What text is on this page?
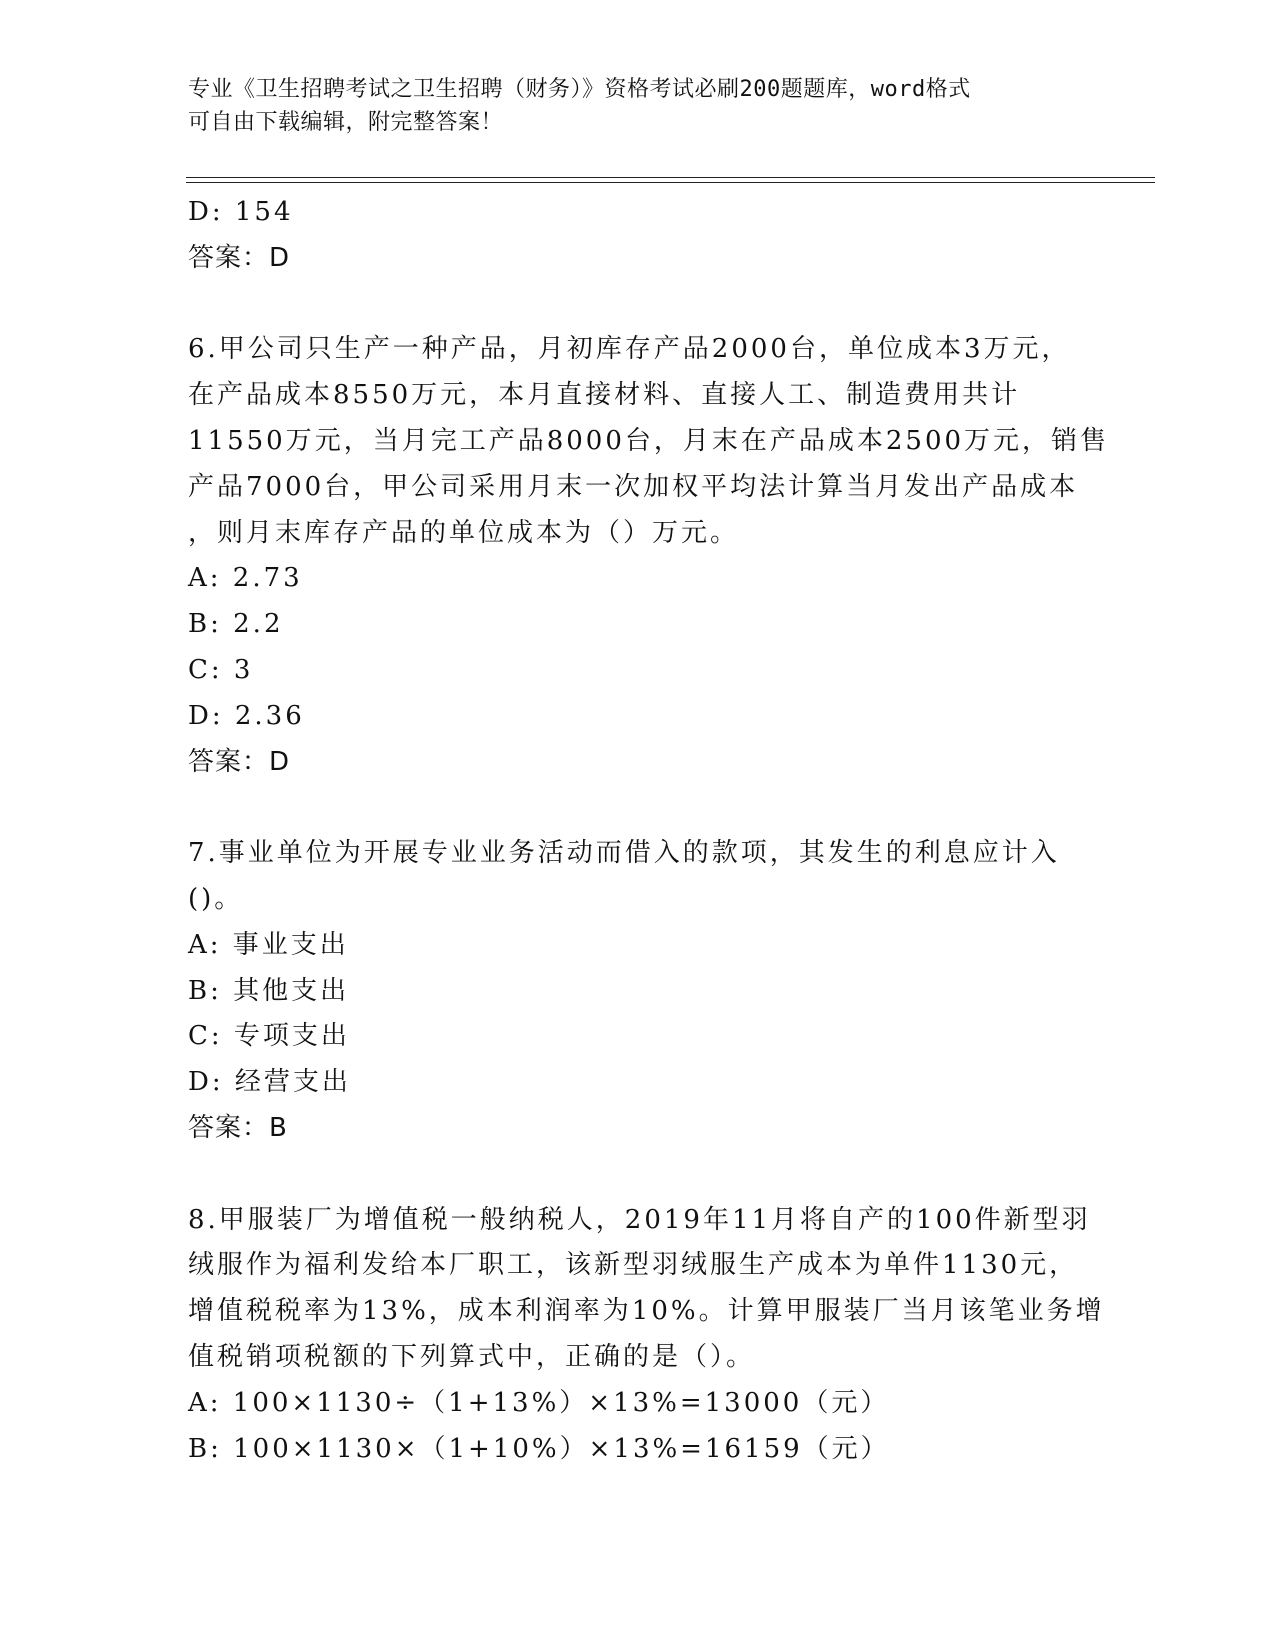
专业《卫生招聘考试之卫生招聘（财务）》资格考试必刷200题题库，word格式
可自由下载编辑，附完整答案！
D: 154
答案：D
6.甲公司只生产一种产品，月初库存产品2000台，单位成本3万元，
在产品成本8550万元，本月直接材料、直接人工、制造费用共计
11550万元，当月完工产品8000台，月末在产品成本2500万元，销售
产品7000台，甲公司采用月末一次加权平均法计算当月发出产品成本
，则月末库存产品的单位成本为（）万元。
A: 2.73
B: 2.2
C: 3
D: 2.36
答案：D
7.事业单位为开展专业业务活动而借入的款项，其发生的利息应计入
()。
A: 事业支出
B: 其他支出
C: 专项支出
D: 经营支出
答案：B
8.甲服装厂为增值税一般纳税人，2019年11月将自产的100件新型羽
绒服作为福利发给本厂职工，该新型羽绒服生产成本为单件1130元，
增值税税率为13%，成本利润率为10%。计算甲服装厂当月该笔业务增
值税销项税额的下列算式中，正确的是（）。
A: 100×1130÷（1+13%）×13%=13000（元）
B: 100×1130×（1+10%）×13%=16159（元）
